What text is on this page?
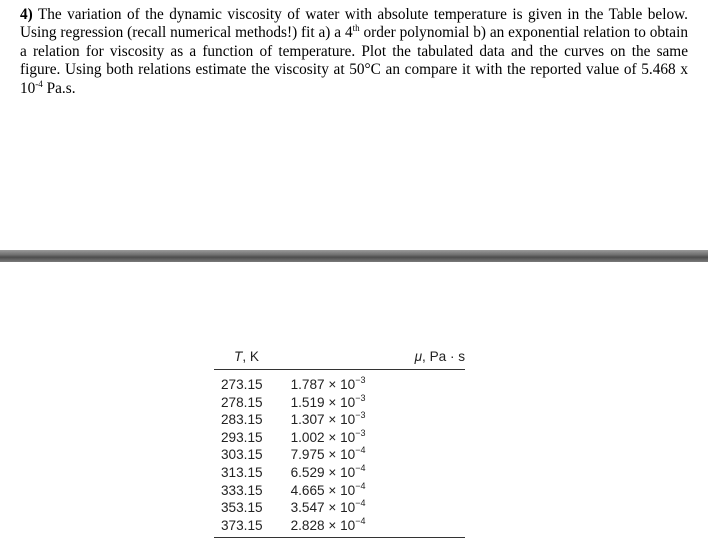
4) The variation of the dynamic viscosity of water with absolute temperature is given in the Table below. Using regression (recall numerical methods!) fit a) a 4th order polynomial b) an exponential relation to obtain a relation for viscosity as a function of temperature. Plot the tabulated data and the curves on the same figure. Using both relations estimate the viscosity at 50°C an compare it with the reported value of 5.468 x $10^{-4}$ Pa.s.
T, K	μ, Pa · s
273.15	$1.787 \times 10^{-3}$
278.15	$1.519 \times 10^{-3}$
283.15	$1.307 \times 10^{-3}$
293.15	$1.002 \times 10^{-3}$
303.15	$7.975 \times 10^{-4}$
313.15	$6.529 \times 10^{-4}$
333.15	$4.665 \times 10^{-4}$
353.15	$3.547 \times 10^{-4}$
373.15	$2.828 \times 10^{-4}$
